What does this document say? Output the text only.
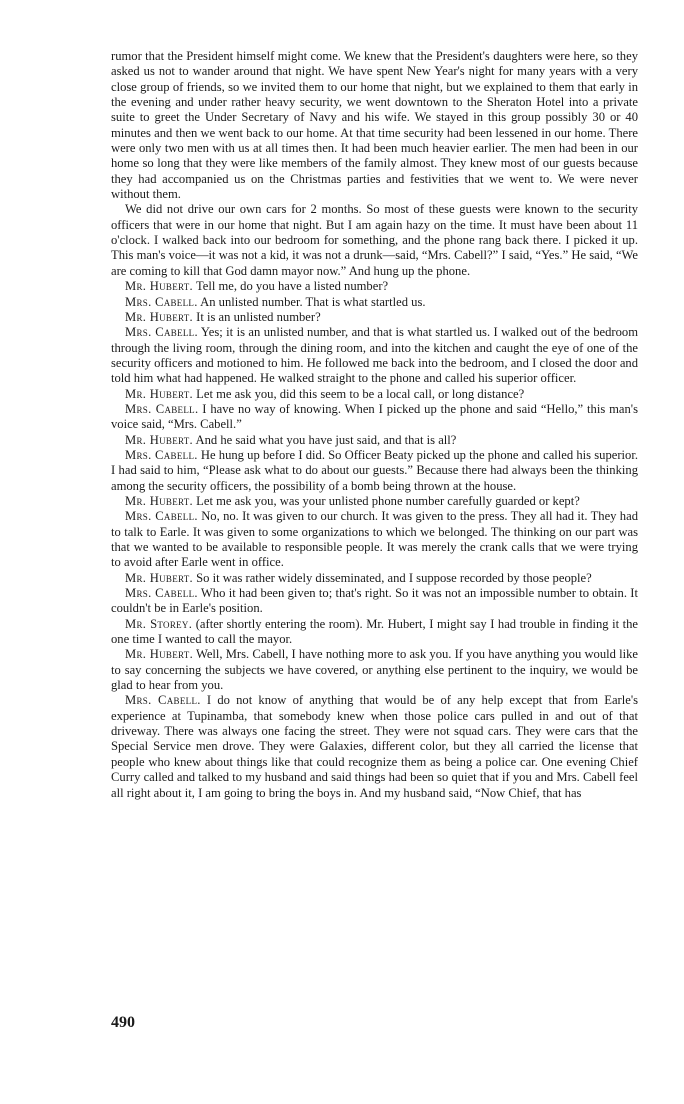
rumor that the President himself might come. We knew that the President's daughters were here, so they asked us not to wander around that night. We have spent New Year's night for many years with a very close group of friends, so we invited them to our home that night, but we explained to them that early in the evening and under rather heavy security, we went downtown to the Sheraton Hotel into a private suite to greet the Under Secretary of Navy and his wife. We stayed in this group possibly 30 or 40 minutes and then we went back to our home. At that time security had been lessened in our home. There were only two men with us at all times then. It had been much heavier earlier. The men had been in our home so long that they were like members of the family almost. They knew most of our guests because they had accompanied us on the Christmas parties and festivities that we went to. We were never without them.

We did not drive our own cars for 2 months. So most of these guests were known to the security officers that were in our home that night. But I am again hazy on the time. It must have been about 11 o'clock. I walked back into our bedroom for something, and the phone rang back there. I picked it up. This man's voice—it was not a kid, it was not a drunk—said, “Mrs. Cabell?” I said, “Yes.” He said, “We are coming to kill that God damn mayor now.” And hung up the phone.

Mr. Hubert. Tell me, do you have a listed number?

Mrs. Cabell. An unlisted number. That is what startled us.

Mr. Hubert. It is an unlisted number?

Mrs. Cabell. Yes; it is an unlisted number, and that is what startled us. I walked out of the bedroom through the living room, through the dining room, and into the kitchen and caught the eye of one of the security officers and motioned to him. He followed me back into the bedroom, and I closed the door and told him what had happened. He walked straight to the phone and called his superior officer.

Mr. Hubert. Let me ask you, did this seem to be a local call, or long distance?

Mrs. Cabell. I have no way of knowing. When I picked up the phone and said “Hello,” this man's voice said, “Mrs. Cabell.”

Mr. Hubert. And he said what you have just said, and that is all?

Mrs. Cabell. He hung up before I did. So Officer Beaty picked up the phone and called his superior. I had said to him, “Please ask what to do about our guests.” Because there had always been the thinking among the security officers, the possibility of a bomb being thrown at the house.

Mr. Hubert. Let me ask you, was your unlisted phone number carefully guarded or kept?

Mrs. Cabell. No, no. It was given to our church. It was given to the press. They all had it. They had to talk to Earle. It was given to some organizations to which we belonged. The thinking on our part was that we wanted to be available to responsible people. It was merely the crank calls that we were trying to avoid after Earle went in office.

Mr. Hubert. So it was rather widely disseminated, and I suppose recorded by those people?

Mrs. Cabell. Who it had been given to; that's right. So it was not an impossible number to obtain. It couldn't be in Earle's position.

Mr. Storey. (after shortly entering the room). Mr. Hubert, I might say I had trouble in finding it the one time I wanted to call the mayor.

Mr. Hubert. Well, Mrs. Cabell, I have nothing more to ask you. If you have anything you would like to say concerning the subjects we have covered, or anything else pertinent to the inquiry, we would be glad to hear from you.

Mrs. Cabell. I do not know of anything that would be of any help except that from Earle's experience at Tupinamba, that somebody knew when those police cars pulled in and out of that driveway. There was always one facing the street. They were not squad cars. They were cars that the Special Service men drove. They were Galaxies, different color, but they all carried the license that people who knew about things like that could recognize them as being a police car. One evening Chief Curry called and talked to my husband and said things had been so quiet that if you and Mrs. Cabell feel all right about it, I am going to bring the boys in. And my husband said, “Now Chief, that has

490
